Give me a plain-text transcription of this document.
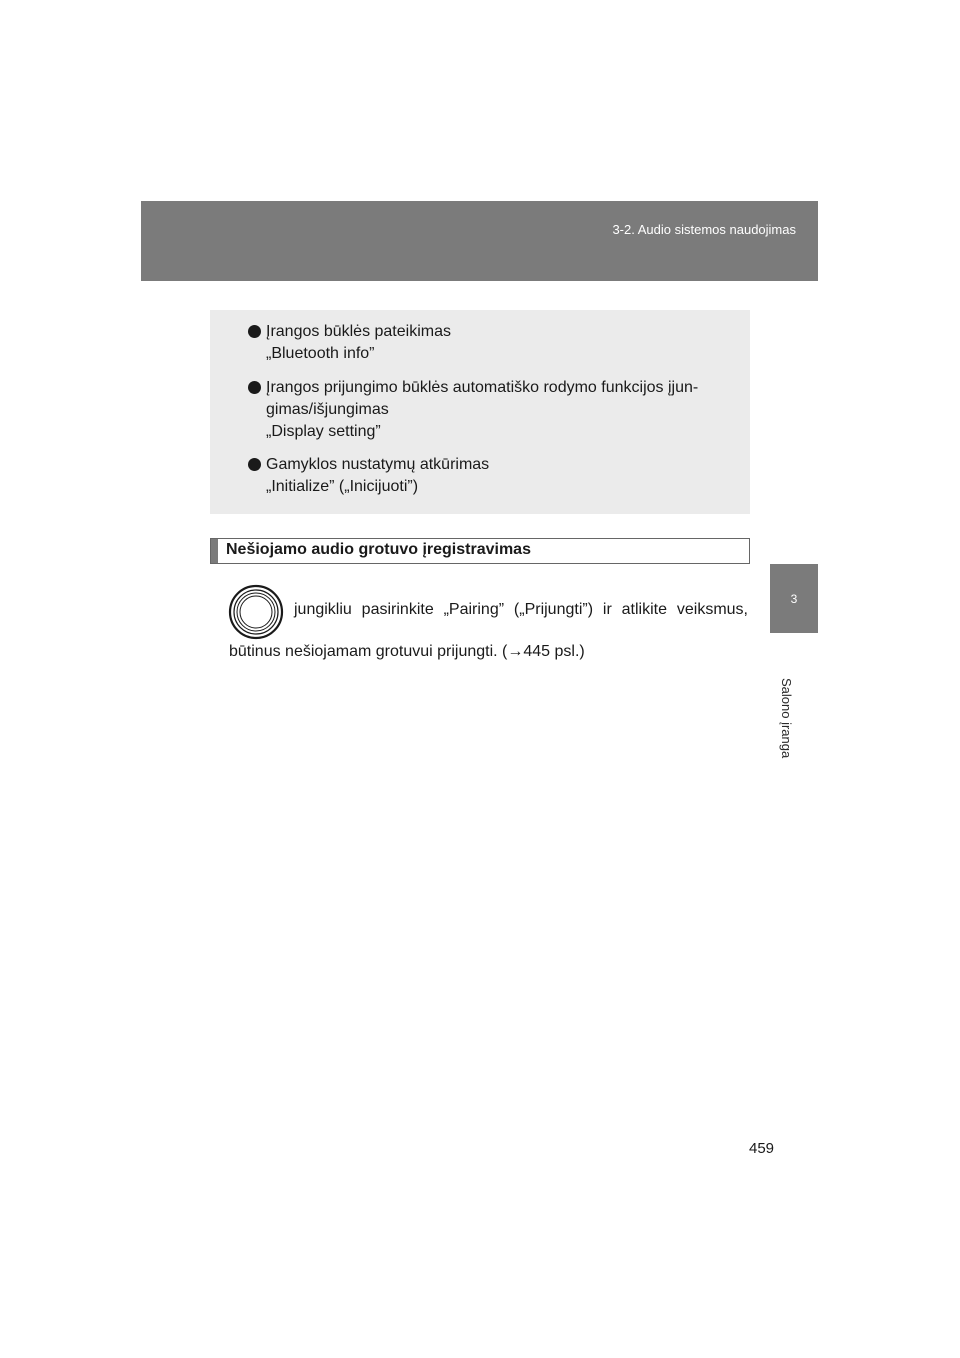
3-2. Audio sistemos naudojimas
3
Salono įranga
Įrangos būklės pateikimas
„Bluetooth info”
Įrangos prijungimo būklės automatiško rodymo funkcijos įjun-
gimas/išjungimas
„Display setting”
Gamyklos nustatymų atkūrimas
„Initialize” („Inicijuoti”)
Nešiojamo audio grotuvo įregistravimas
jungikliu pasirinkite „Pairing” („Prijungti”) ir atlikite veiksmus,
būtinus nešiojamam grotuvui prijungti. (→445 psl.)
459
